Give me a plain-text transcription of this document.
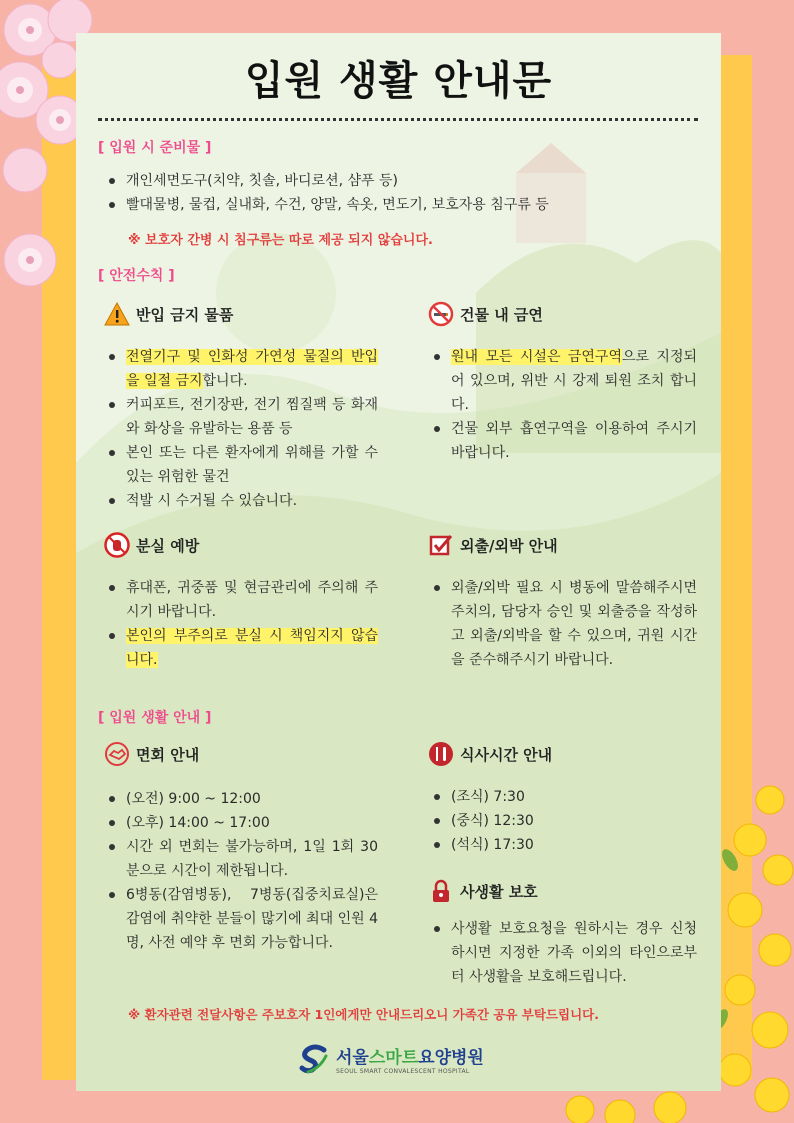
입원 생활 안내문
[ 입원 시 준비물 ]
개인세면도구(치약, 칫솔, 바디로션, 샴푸 등)
빨대물병, 물컵, 실내화, 수건, 양말, 속옷, 면도기, 보호자용 침구류 등
※ 보호자 간병 시 침구류는 따로 제공 되지 않습니다.
[ 안전수칙 ]
반입 금지 물품
전열기구 및 인화성 가연성 물질의 반입을 일절 금지합니다.
커피포트, 전기장판, 전기 찜질팩 등 화재와 화상을 유발하는 용품 등
본인 또는 다른 환자에게 위해를 가할 수 있는 위험한 물건
적발 시 수거될 수 있습니다.
건물 내 금연
원내 모든 시설은 금연구역으로 지정되어 있으며, 위반 시 강제 퇴원 조치 합니다.
건물 외부 흡연구역을 이용하여 주시기 바랍니다.
분실 예방
휴대폰, 귀중품 및 현금관리에 주의해 주시기 바랍니다.
본인의 부주의로 분실 시 책임지지 않습니다.
외출/외박 안내
외출/외박 필요 시 병동에 말씀해주시면 주치의, 담당자 승인 및 외출증을 작성하고 외출/외박을 할 수 있으며, 귀원 시간을 준수해주시기 바랍니다.
[ 입원 생활 안내 ]
면회 안내
(오전) 9:00 ~ 12:00
(오후) 14:00 ~ 17:00
시간 외 면회는 불가능하며, 1일 1회 30분으로 시간이 제한됩니다.
6병동(감염병동), 7병동(집중치료실)은 감염에 취약한 분들이 많기에 최대 인원 4명, 사전 예약 후 면회 가능합니다.
식사시간 안내
(조식) 7:30
(중식) 12:30
(석식) 17:30
사생활 보호
사생활 보호요청을 원하시는 경우 신청하시면 지정한 가족 이외의 타인으로부터 사생활을 보호해드립니다.
※ 환자관련 전달사항은 주보호자 1인에게만 안내드리오니 가족간 공유 부탁드립니다.
서울스마트요양병원
SEOUL SMART CONVALESCENT HOSPITAL
